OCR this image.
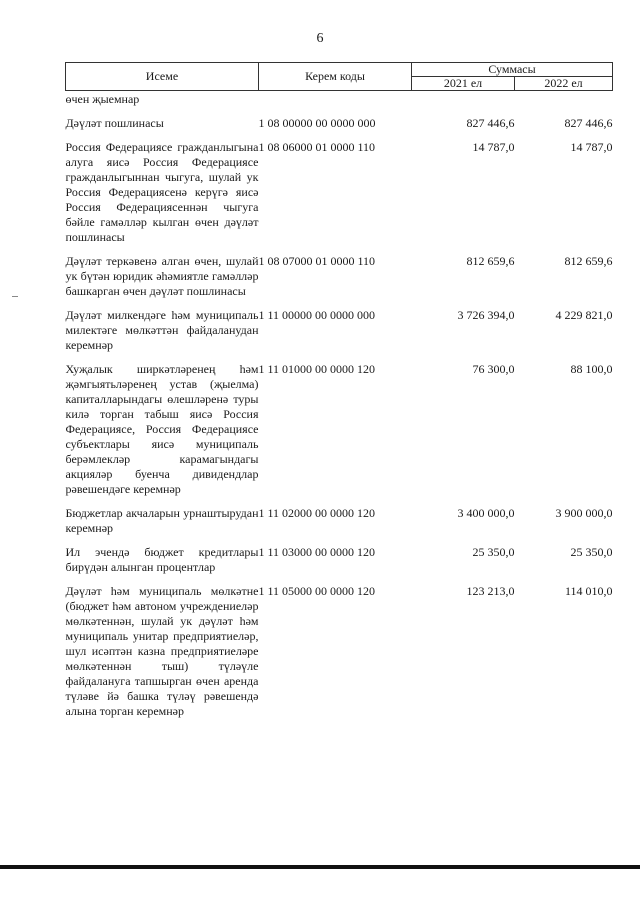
6
Исеме	Керем коды	Суммасы	
		2021 ел	2022 ел
өчен җыемнар			
Дәүләт пошлинасы	1 08 00000 00 0000 000	827 446,6	827 446,6
Россия Федерациясе гражданлыгына алуга яисә Россия Федерациясе гражданлыгыннан чыгуга, шулай ук Россия Федерациясенә керүгә яисә Россия Федерациясеннән чыгуга бәйле гамәлләр кылган өчен дәүләт пошлинасы	1 08 06000 01 0000 110	14 787,0	14 787,0
Дәүләт теркәвенә алган өчен, шулай ук бүтән юридик әһәмиятле гамәлләр башкарган өчен дәүләт пошлинасы	1 08 07000 01 0000 110	812 659,6	812 659,6
Дәүләт милкендәге һәм муниципаль милектәге мөлкәттән файдаланудан керемнәр	1 11 00000 00 0000 000	3 726 394,0	4 229 821,0
Хуҗалык ширкәтләренең һәм җәмгыятьләренең устав (җыелма) капиталларындагы өлешләренә туры килә торган табыш яисә Россия Федерациясе, Россия Федерациясе субъектлары яисә муниципаль берәмлекләр карамагындагы акцияләр буенча дивидендлар рәвешендәге керемнәр	1 11 01000 00 0000 120	76 300,0	88 100,0
Бюджетлар акчаларын урнаштырудан керемнәр	1 11 02000 00 0000 120	3 400 000,0	3 900 000,0
Ил эчендә бюджет кредитлары бирүдән алынган процентлар	1 11 03000 00 0000 120	25 350,0	25 350,0
Дәүләт һәм муниципаль мөлкәтне (бюджет һәм автоном учреждениеләр мөлкәтеннән, шулай ук дәүләт һәм муниципаль унитар предприятиеләр, шул исәптән казна предприятиеләре мөлкәтеннән тыш) түләүле файдалануга тапшырган өчен аренда түләве йә башка түләү рәвешендә алына торган керемнәр	1 11 05000 00 0000 120	123 213,0	114 010,0
